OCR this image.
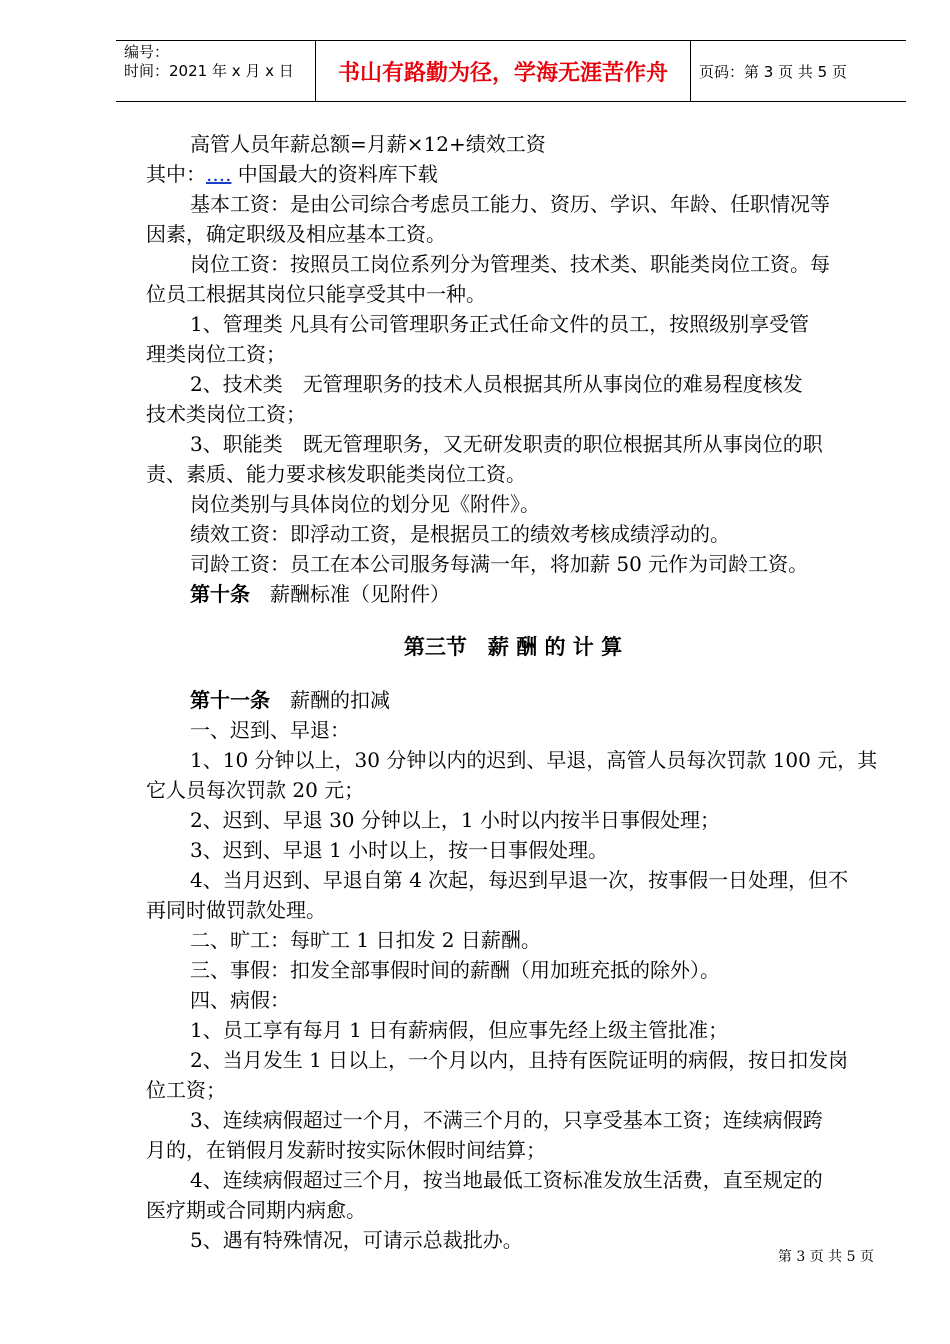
编号：
时间：2021 年 x 月 x 日	书山有路勤为径，学海无涯苦作舟	页码：第 3 页 共 5 页
高管人员年薪总额=月薪×12+绩效工资
其中：.... 中国最大的资料库下载
基本工资：是由公司综合考虑员工能力、资历、学识、年龄、任职情况等
因素，确定职级及相应基本工资。
岗位工资：按照员工岗位系列分为管理类、技术类、职能类岗位工资。每
位员工根据其岗位只能享受其中一种。
1、管理类 凡具有公司管理职务正式任命文件的员工，按照级别享受管
理类岗位工资；
2、技术类　无管理职务的技术人员根据其所从事岗位的难易程度核发
技术类岗位工资；
3、职能类　既无管理职务，又无研发职责的职位根据其所从事岗位的职
责、素质、能力要求核发职能类岗位工资。
岗位类别与具体岗位的划分见《附件》。
绩效工资：即浮动工资，是根据员工的绩效考核成绩浮动的。
司龄工资：员工在本公司服务每满一年，将加薪 50 元作为司龄工资。
第十条　薪酬标准（见附件）
第三节　薪 酬 的 计 算
第十一条　薪酬的扣减
一、迟到、早退：
1、10 分钟以上，30 分钟以内的迟到、早退，高管人员每次罚款 100 元，其
它人员每次罚款 20 元；
2、迟到、早退 30 分钟以上，1 小时以内按半日事假处理；
3、迟到、早退 1 小时以上，按一日事假处理。
4、当月迟到、早退自第 4 次起，每迟到早退一次，按事假一日处理，但不
再同时做罚款处理。
二、旷工：每旷工 1 日扣发 2 日薪酬。
三、事假：扣发全部事假时间的薪酬（用加班充抵的除外）。
四、病假：
1、员工享有每月 1 日有薪病假，但应事先经上级主管批准；
2、当月发生 1 日以上，一个月以内，且持有医院证明的病假，按日扣发岗
位工资；
3、连续病假超过一个月，不满三个月的，只享受基本工资；连续病假跨
月的，在销假月发薪时按实际休假时间结算；
4、连续病假超过三个月，按当地最低工资标准发放生活费，直至规定的
医疗期或合同期内病愈。
5、遇有特殊情况，可请示总裁批办。
第 3 页 共 5 页
